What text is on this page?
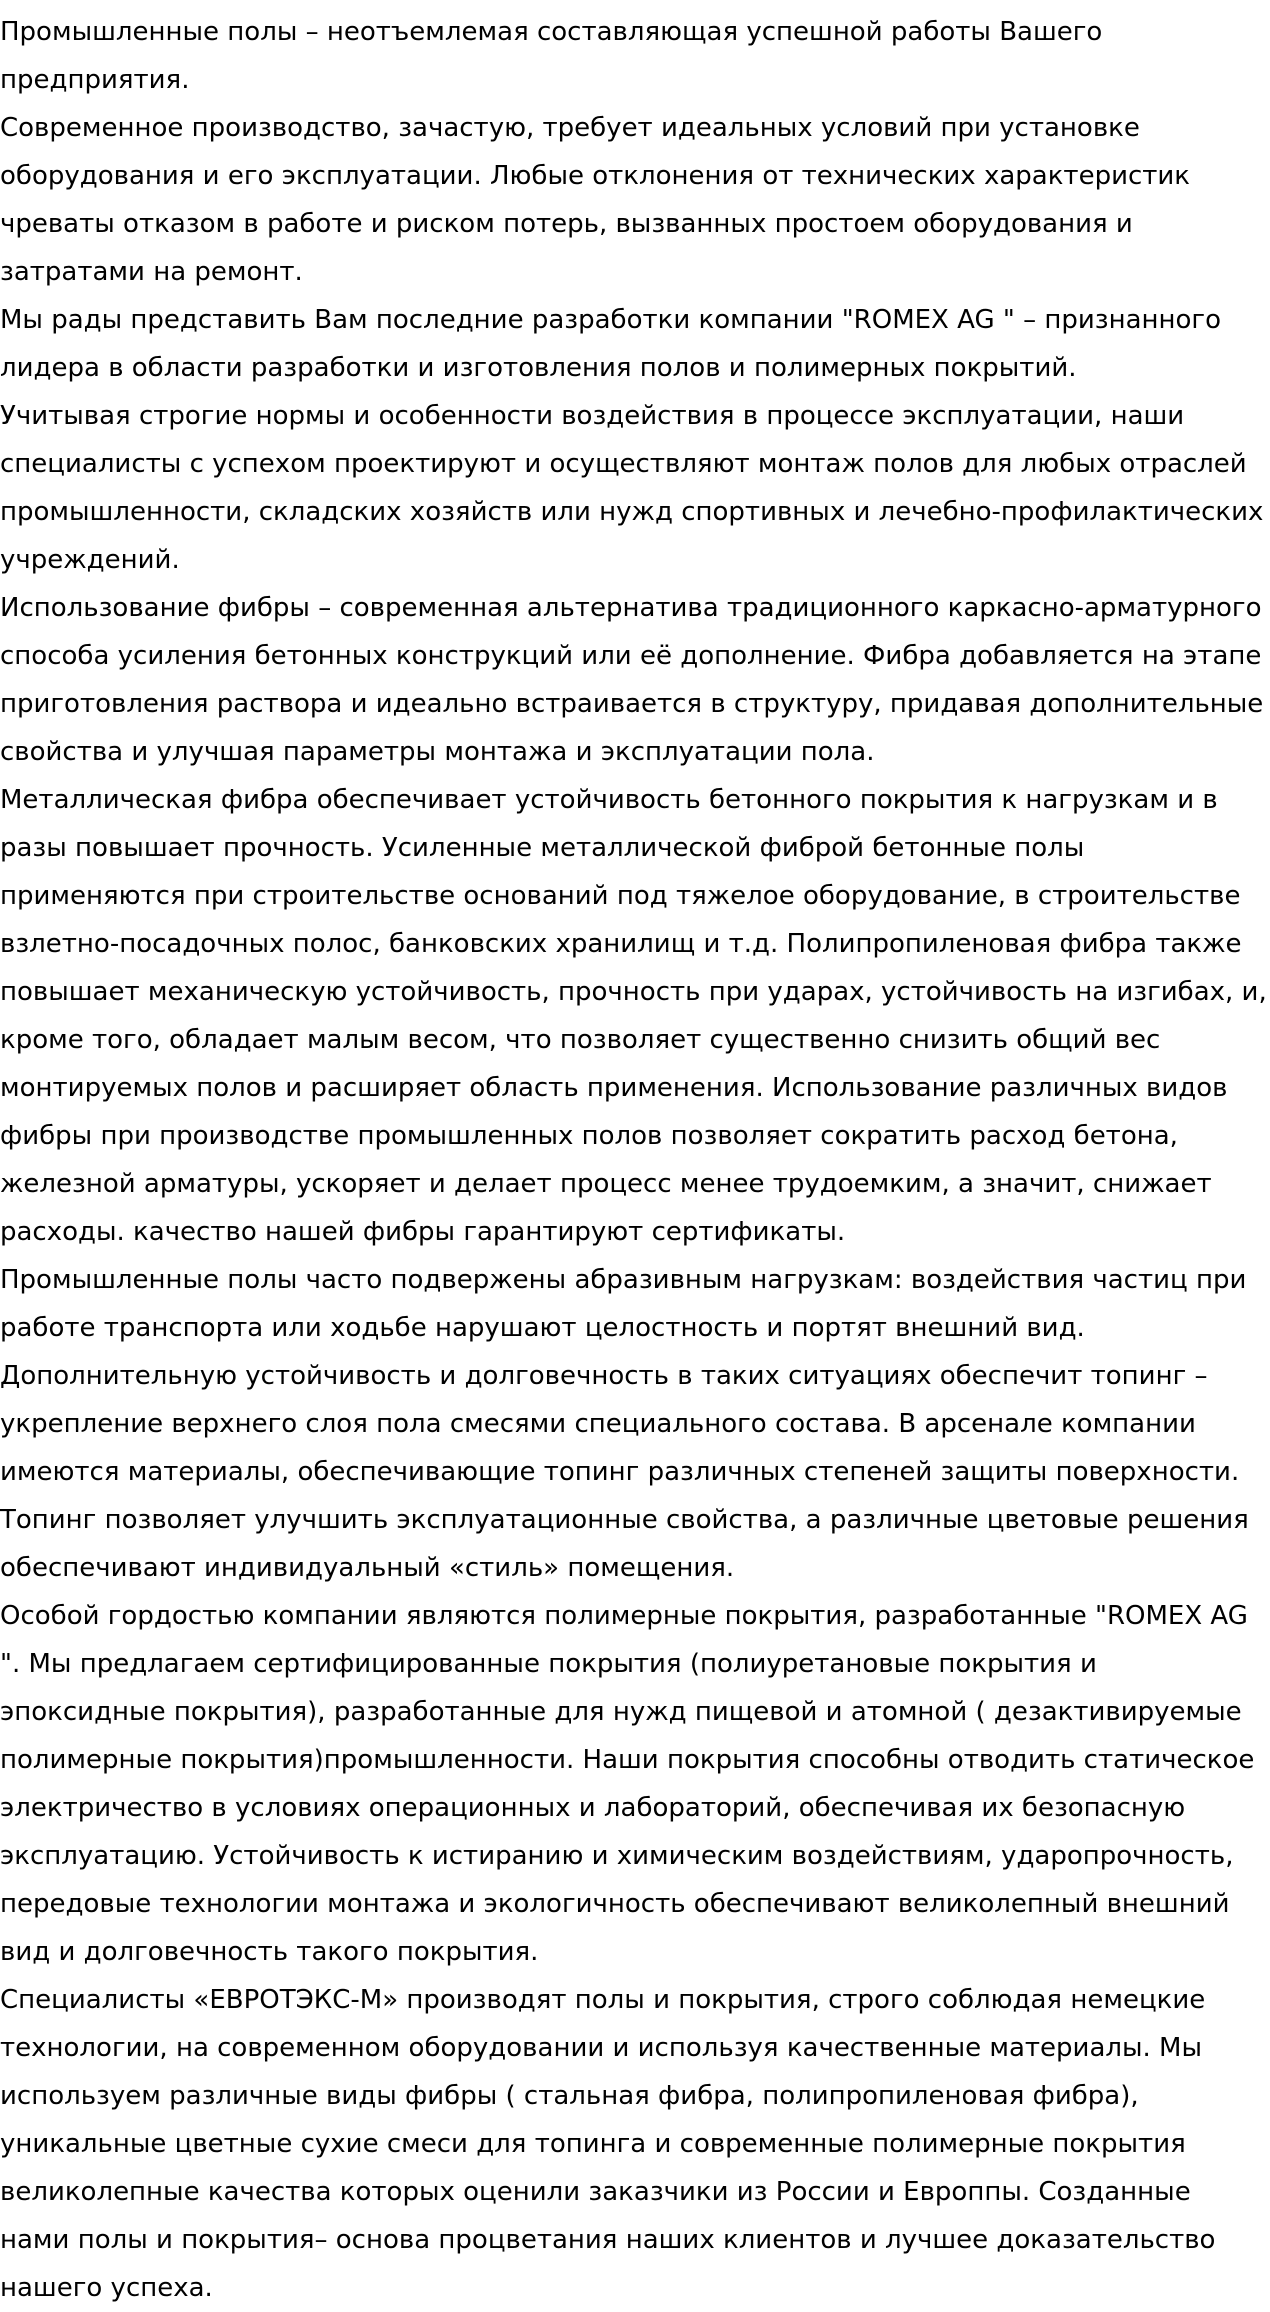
Промышленные полы – неотъемлемая составляющая успешной работы Вашего предприятия.

Современное производство, зачастую, требует идеальных условий при установке оборудования и его эксплуатации. Любые отклонения от технических характеристик чреваты отказом в работе и риском потерь, вызванных простоем оборудования и затратами на ремонт.

Мы рады представить Вам последние разработки компании "ROMEX AG " – признанного лидера в области разработки и изготовления полов и полимерных покрытий.

Учитывая строгие нормы и особенности воздействия в процессе эксплуатации, наши специалисты с успехом проектируют и осуществляют монтаж полов для любых отраслей промышленности, складских хозяйств или нужд спортивных и лечебно-профилактических учреждений.

Использование фибры – современная альтернатива традиционного каркасно-арматурного способа усиления бетонных конструкций или её дополнение. Фибра добавляется на этапе приготовления раствора и идеально встраивается в структуру, придавая дополнительные свойства и улучшая параметры монтажа и эксплуатации пола.

Металлическая фибра обеспечивает устойчивость бетонного покрытия к нагрузкам и в разы повышает прочность. Усиленные металлической фиброй бетонные полы применяются при строительстве оснований под тяжелое оборудование, в строительстве взлетно-посадочных полос, банковских хранилищ и т.д. Полипропиленовая фибра также повышает механическую устойчивость, прочность при ударах, устойчивость на изгибах, и, кроме того, обладает малым весом, что позволяет существенно снизить общий вес монтируемых полов и расширяет область применения. Использование различных видов фибры при производстве промышленных полов позволяет сократить расход бетона, железной арматуры, ускоряет и делает процесс менее трудоемким, а значит, снижает расходы. качество нашей фибры гарантируют сертификаты.

Промышленные полы часто подвержены абразивным нагрузкам: воздействия частиц при работе транспорта или ходьбе нарушают целостность и портят внешний вид. Дополнительную устойчивость и долговечность в таких ситуациях обеспечит топинг – укрепление верхнего слоя пола смесями специального состава. В арсенале компании имеются материалы, обеспечивающие топинг различных степеней защиты поверхности. Топинг позволяет улучшить эксплуатационные свойства, а различные цветовые решения обеспечивают индивидуальный «стиль» помещения.

Особой гордостью компании являются полимерные покрытия, разработанные "ROMEX AG ". Мы предлагаем сертифицированные покрытия (полиуретановые покрытия и эпоксидные покрытия), разработанные для нужд пищевой и атомной ( дезактивируемые полимерные покрытия)промышленности. Наши покрытия способны отводить статическое электричество в условиях операционных и лабораторий, обеспечивая их безопасную эксплуатацию. Устойчивость к истиранию и химическим воздействиям, ударопрочность, передовые технологии монтажа и экологичность обеспечивают великолепный внешний вид и долговечность такого покрытия.

Специалисты «ЕВРОТЭКС-М» производят полы и покрытия, строго соблюдая немецкие технологии, на современном оборудовании и используя качественные материалы. Мы используем различные виды фибры ( стальная фибра, полипропиленовая фибра), уникальные цветные сухие смеси для топинга и современные полимерные покрытия великолепные качества которых оценили заказчики из России и Европпы. Созданные нами полы и покрытия– основа процветания наших клиентов и лучшее доказательство нашего успеха.
